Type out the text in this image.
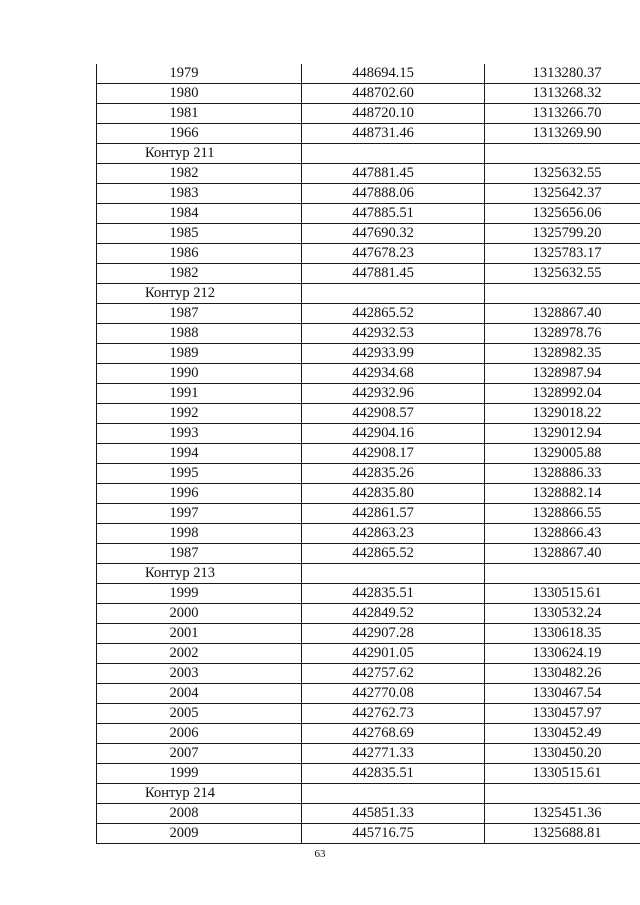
1979	448694.15	1313280.37
1980	448702.60	1313268.32
1981	448720.10	1313266.70
1966	448731.46	1313269.90
Контур 211		
1982	447881.45	1325632.55
1983	447888.06	1325642.37
1984	447885.51	1325656.06
1985	447690.32	1325799.20
1986	447678.23	1325783.17
1982	447881.45	1325632.55
Контур 212		
1987	442865.52	1328867.40
1988	442932.53	1328978.76
1989	442933.99	1328982.35
1990	442934.68	1328987.94
1991	442932.96	1328992.04
1992	442908.57	1329018.22
1993	442904.16	1329012.94
1994	442908.17	1329005.88
1995	442835.26	1328886.33
1996	442835.80	1328882.14
1997	442861.57	1328866.55
1998	442863.23	1328866.43
1987	442865.52	1328867.40
Контур 213		
1999	442835.51	1330515.61
2000	442849.52	1330532.24
2001	442907.28	1330618.35
2002	442901.05	1330624.19
2003	442757.62	1330482.26
2004	442770.08	1330467.54
2005	442762.73	1330457.97
2006	442768.69	1330452.49
2007	442771.33	1330450.20
1999	442835.51	1330515.61
Контур 214		
2008	445851.33	1325451.36
2009	445716.75	1325688.81
63
